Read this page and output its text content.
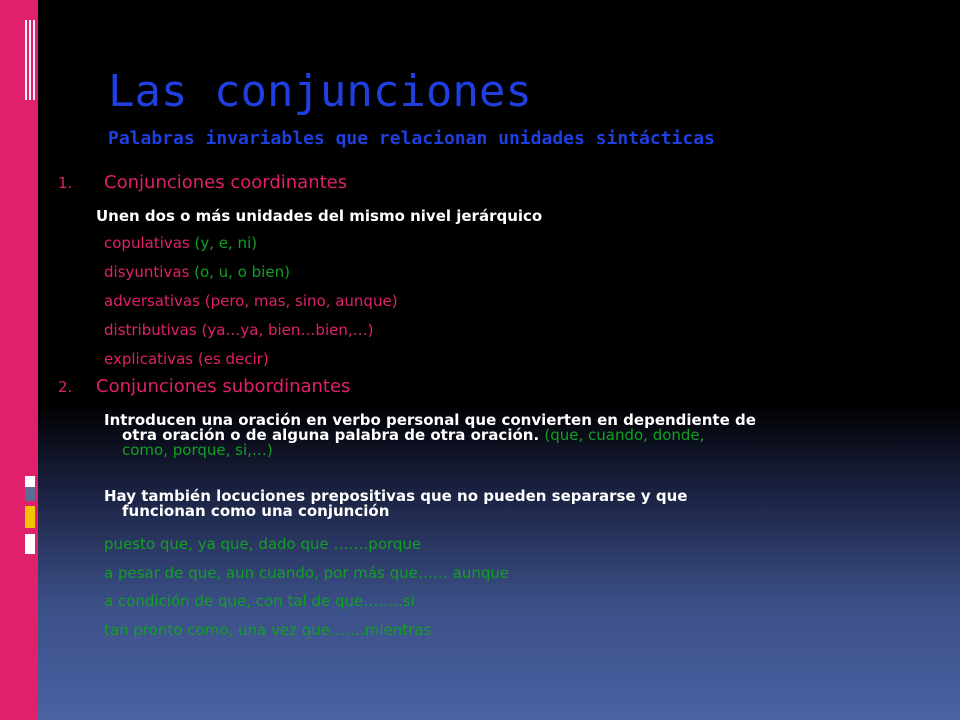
Las conjunciones
Palabras invariables que relacionan unidades sintácticas
1. Conjunciones coordinantes
Unen dos o más unidades del mismo nivel jerárquico
copulativas (y, e, ni)
disyuntivas (o, u, o bien)
adversativas (pero, mas, sino, aunque)
distributivas (ya…ya, bien…bien,…)
explicativas (es decir)
2. Conjunciones subordinantes
Introducen una oración en verbo personal que convierten en dependiente de
otra oración o de alguna palabra de otra oración. (que, cuando, donde,
como, porque, si,…)
Hay también locuciones prepositivas que no pueden separarse y que
funcionan como una conjunción
puesto que, ya que, dado que …….porque
a pesar de que, aun cuando, por más que…… aunque
a condición de que, con tal de que……..si
tan pronto como, una vez que…….mientras
